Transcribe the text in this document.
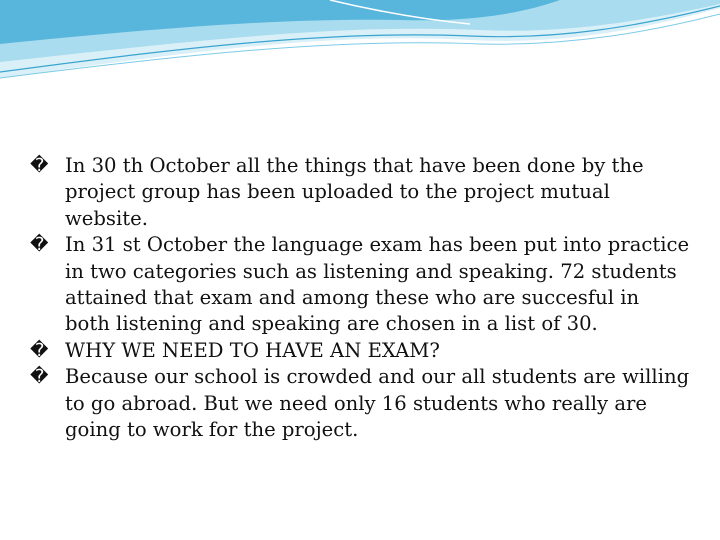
� In 30 th October all the things that have been done by the project group has been uploaded to the project mutual website.
� In 31 st October the language exam has been put into practice in two categories such as listening and speaking. 72 students attained that exam and among these who are succesful in both listening and speaking are chosen in a list of 30.
� WHY WE NEED TO HAVE AN EXAM?
� Because our school is crowded and our all students are willing to go abroad. But we need only 16 students who really are going to work for the project.
